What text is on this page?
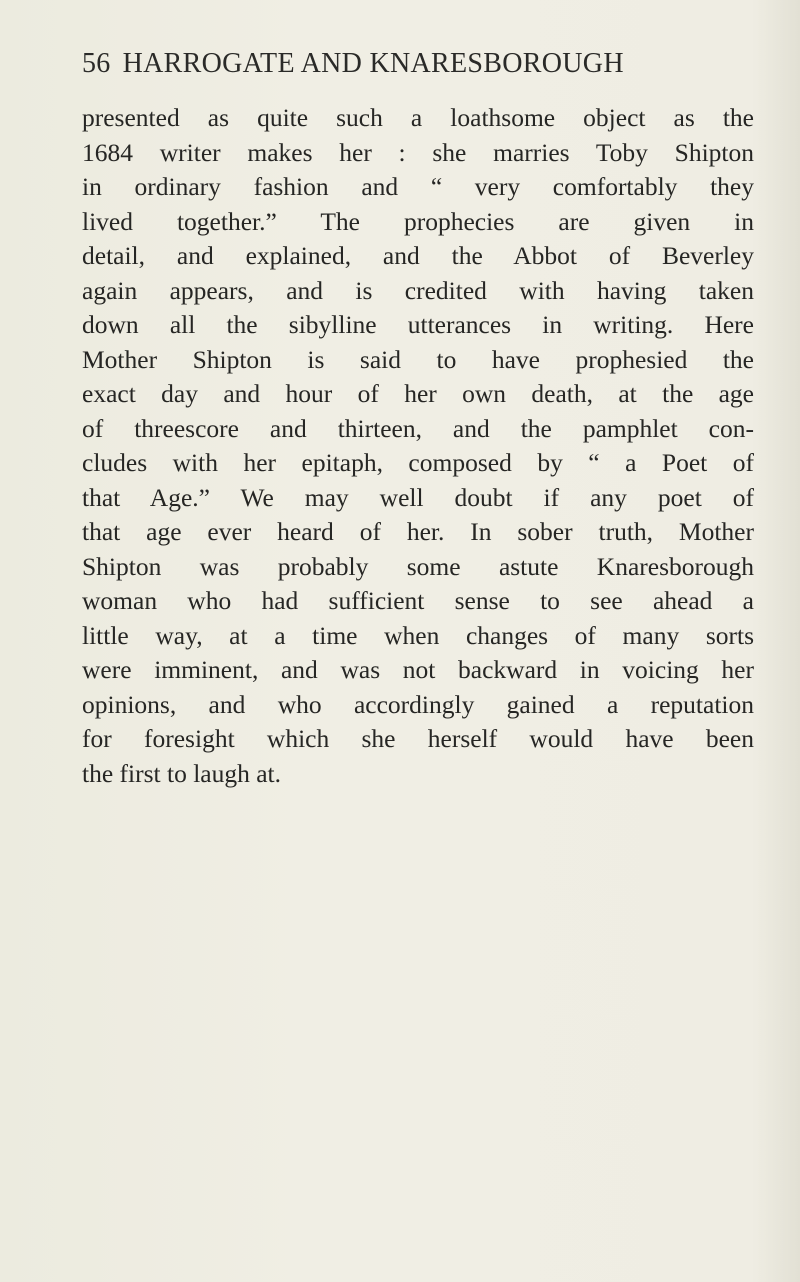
56 HARROGATE AND KNARESBOROUGH
presented as quite such a loathsome object as the
1684 writer makes her : she marries Toby Shipton
in ordinary fashion and “ very comfortably they
lived together.” The prophecies are given in
detail, and explained, and the Abbot of Beverley
again appears, and is credited with having taken
down all the sibylline utterances in writing. Here
Mother Shipton is said to have prophesied the
exact day and hour of her own death, at the age
of threescore and thirteen, and the pamphlet con-
cludes with her epitaph, composed by “ a Poet of
that Age.” We may well doubt if any poet of
that age ever heard of her. In sober truth, Mother
Shipton was probably some astute Knaresborough
woman who had sufficient sense to see ahead a
little way, at a time when changes of many sorts
were imminent, and was not backward in voicing her
opinions, and who accordingly gained a reputation
for foresight which she herself would have been
the first to laugh at.
